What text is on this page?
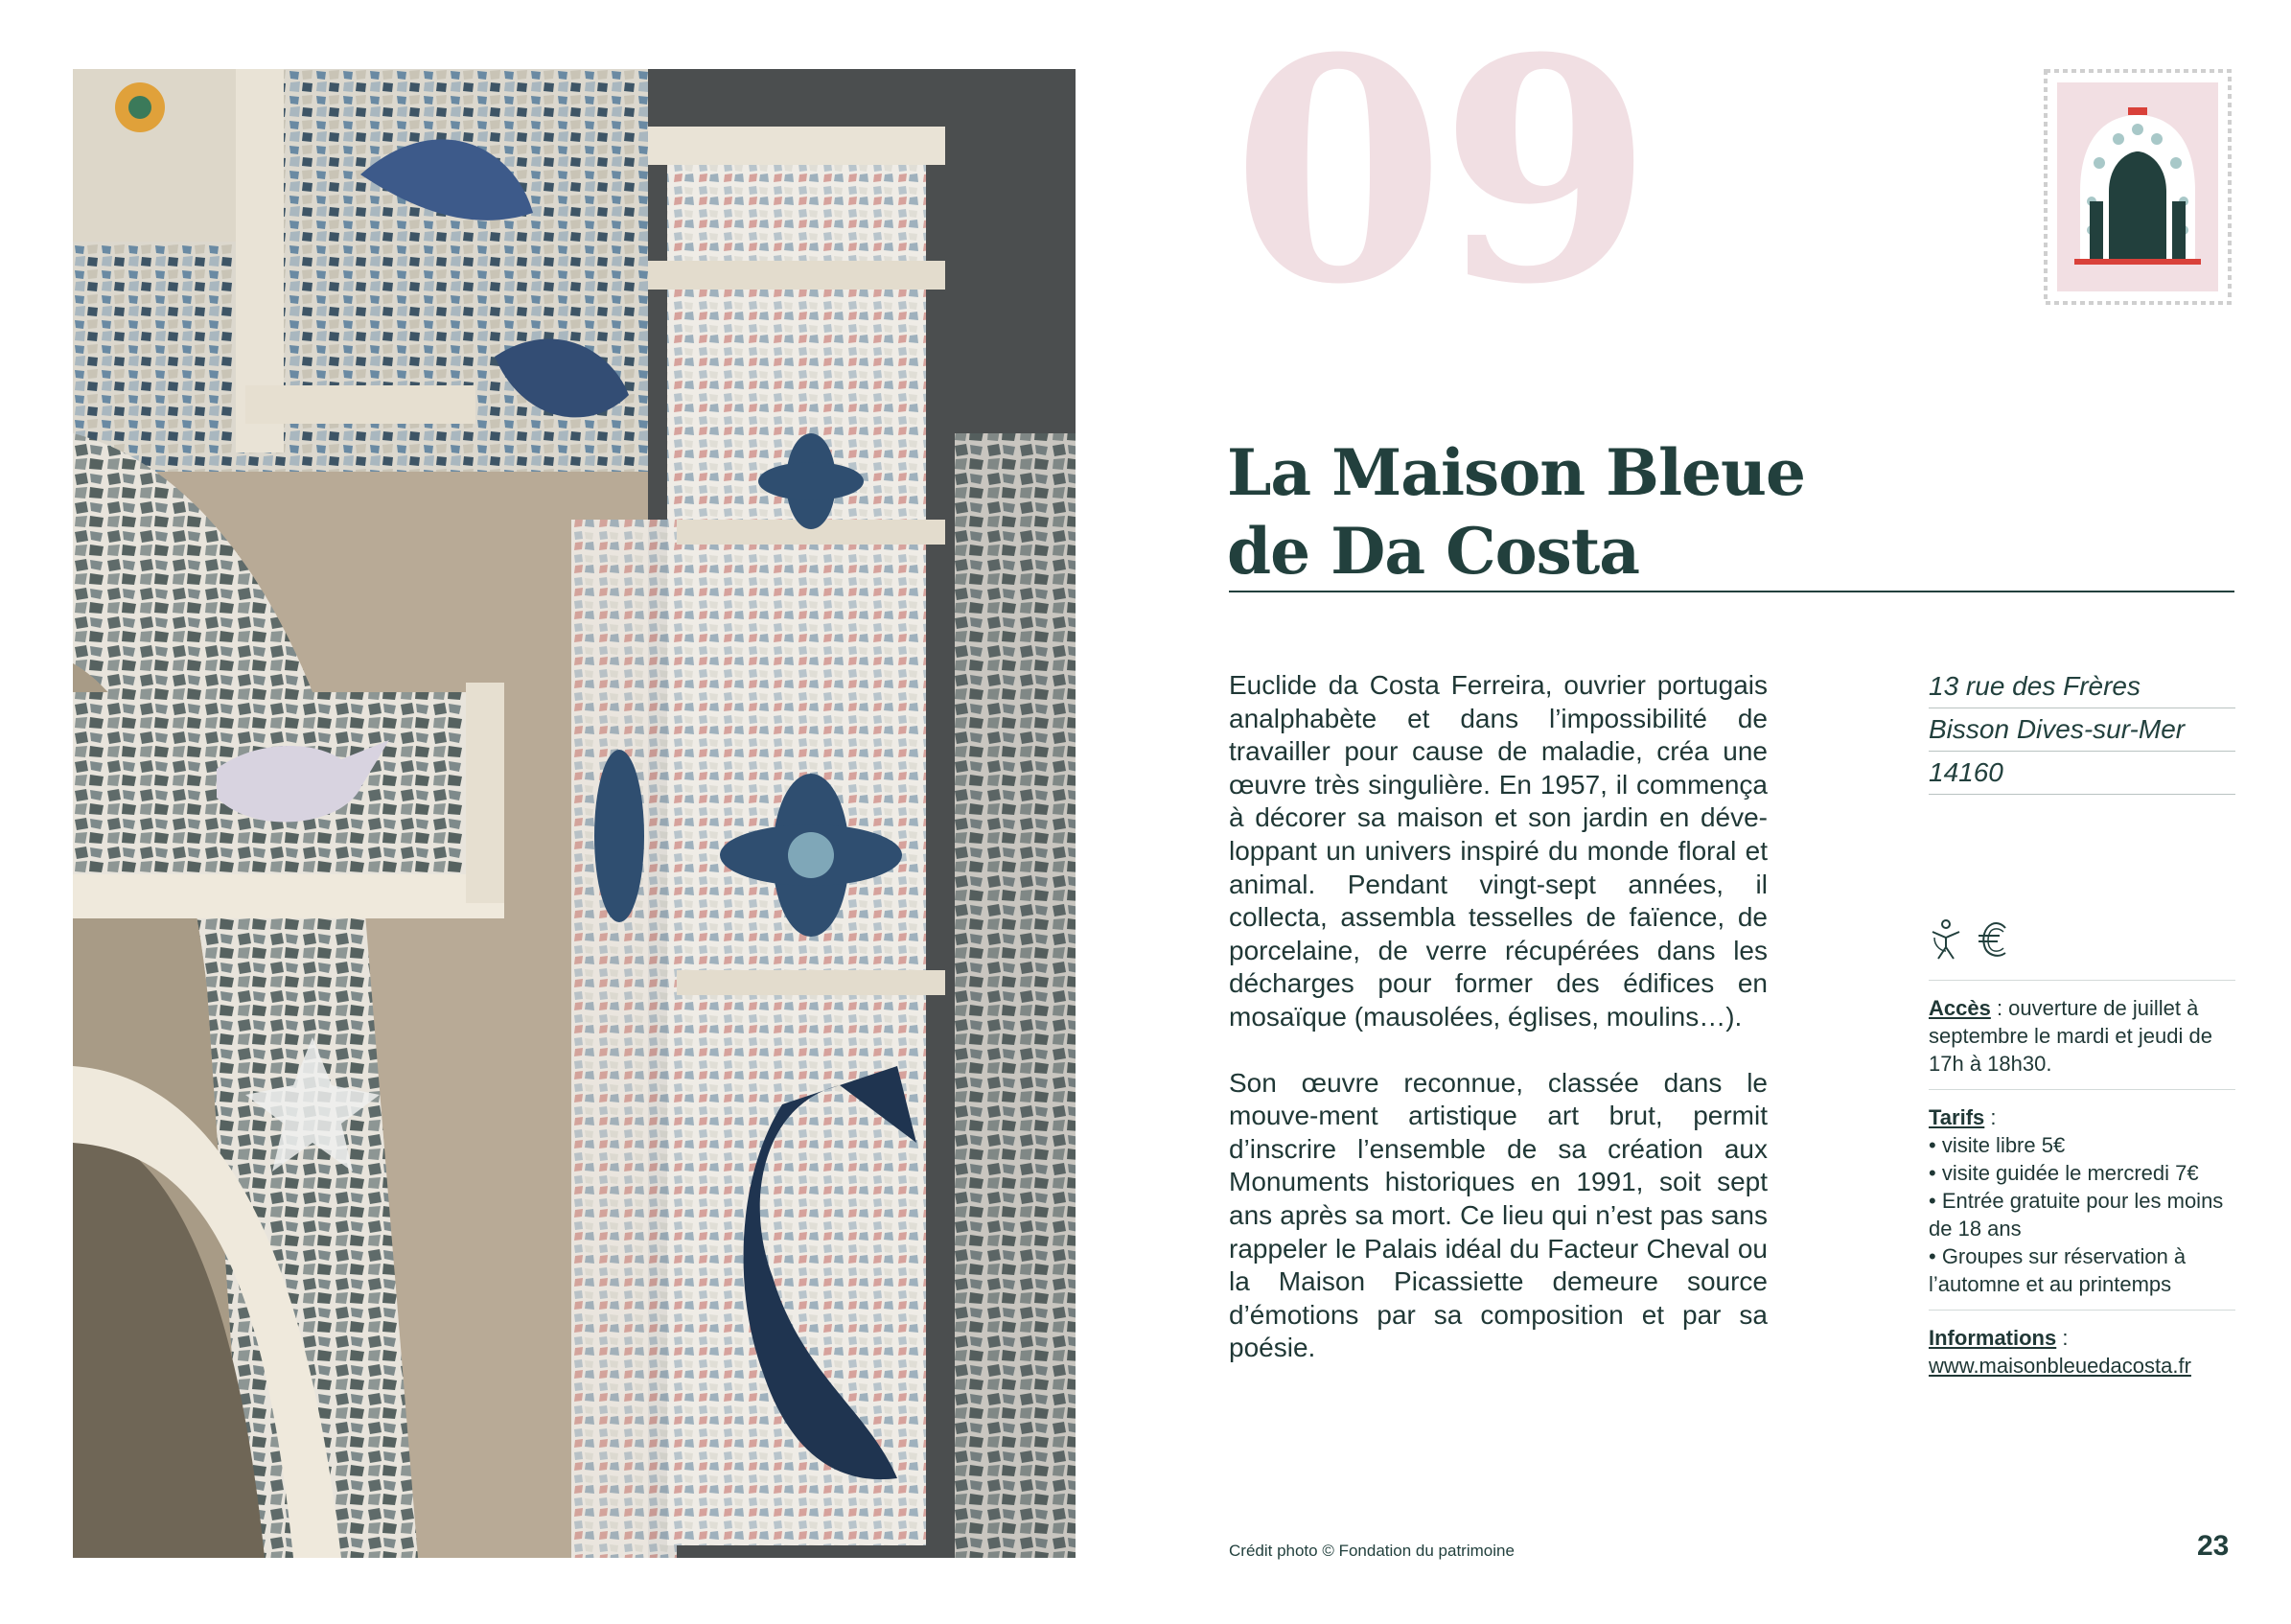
09
La Maison Bleue
de Da Costa

Euclide da Costa Ferreira, ouvrier portugais analphabète et dans l’impossibilité de travailler pour cause de maladie, créa une œuvre très singulière. En 1957, il commença à décorer sa maison et son jardin en déve-loppant un univers inspiré du monde floral et animal. Pendant vingt-sept années, il collecta, assembla tesselles de faïence, de porcelaine, de verre récupérées dans les décharges pour former des édifices en mosaïque (mausolées, églises, moulins…).

Son œuvre reconnue, classée dans le mouve-ment artistique art brut, permit d’inscrire l’ensemble de sa création aux Monuments historiques en 1991, soit sept ans après sa mort. Ce lieu qui n’est pas sans rappeler le Palais idéal du Facteur Cheval ou la Maison Picassiette demeure source d’émotions par sa composition et par sa poésie.

13 rue des Frères
Bisson Dives-sur-Mer
14160
Accès : ouverture de juillet à septembre le mardi et jeudi de 17h à 18h30.
Tarifs :
• visite libre 5€
• visite guidée le mercredi 7€
• Entrée gratuite pour les moins de 18 ans
• Groupes sur réservation à l’automne et au printemps
Informations :
www.maisonbleuedacosta.fr
Crédit photo © Fondation du patrimoine	23
